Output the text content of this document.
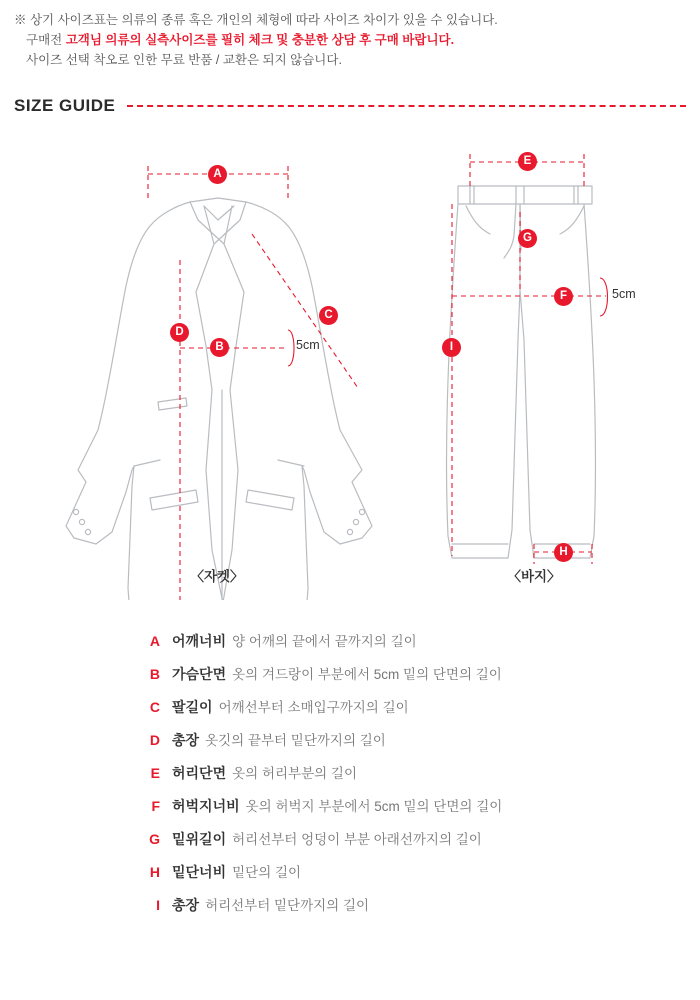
※ 상기 사이즈표는 의류의 종류 혹은 개인의 체형에 따라 사이즈 차이가 있을 수 있습니다.
구매전 고객님 의류의 실측사이즈를 필히 체크 및 충분한 상담 후 구매 바랍니다.
사이즈 선택 착오로 인한 무료 반품 / 교환은 되지 않습니다.
SIZE GUIDE
A
B
C
D
5cm
E
F
G
H
I
5cm
〈자켓〉	〈바지〉
A 어깨너비 양 어깨의 끝에서 끝까지의 길이
B 가슴단면 옷의 겨드랑이 부분에서 5cm 밑의 단면의 길이
C 팔길이 어깨선부터 소매입구까지의 길이
D 총장 옷깃의 끝부터 밑단까지의 길이
E 허리단면 옷의 허리부분의 길이
F 허벅지너비 옷의 허벅지 부분에서 5cm 밑의 단면의 길이
G 밑위길이 허리선부터 엉덩이 부분 아래선까지의 길이
H 밑단너비 밑단의 길이
I 총장 허리선부터 밑단까지의 길이
